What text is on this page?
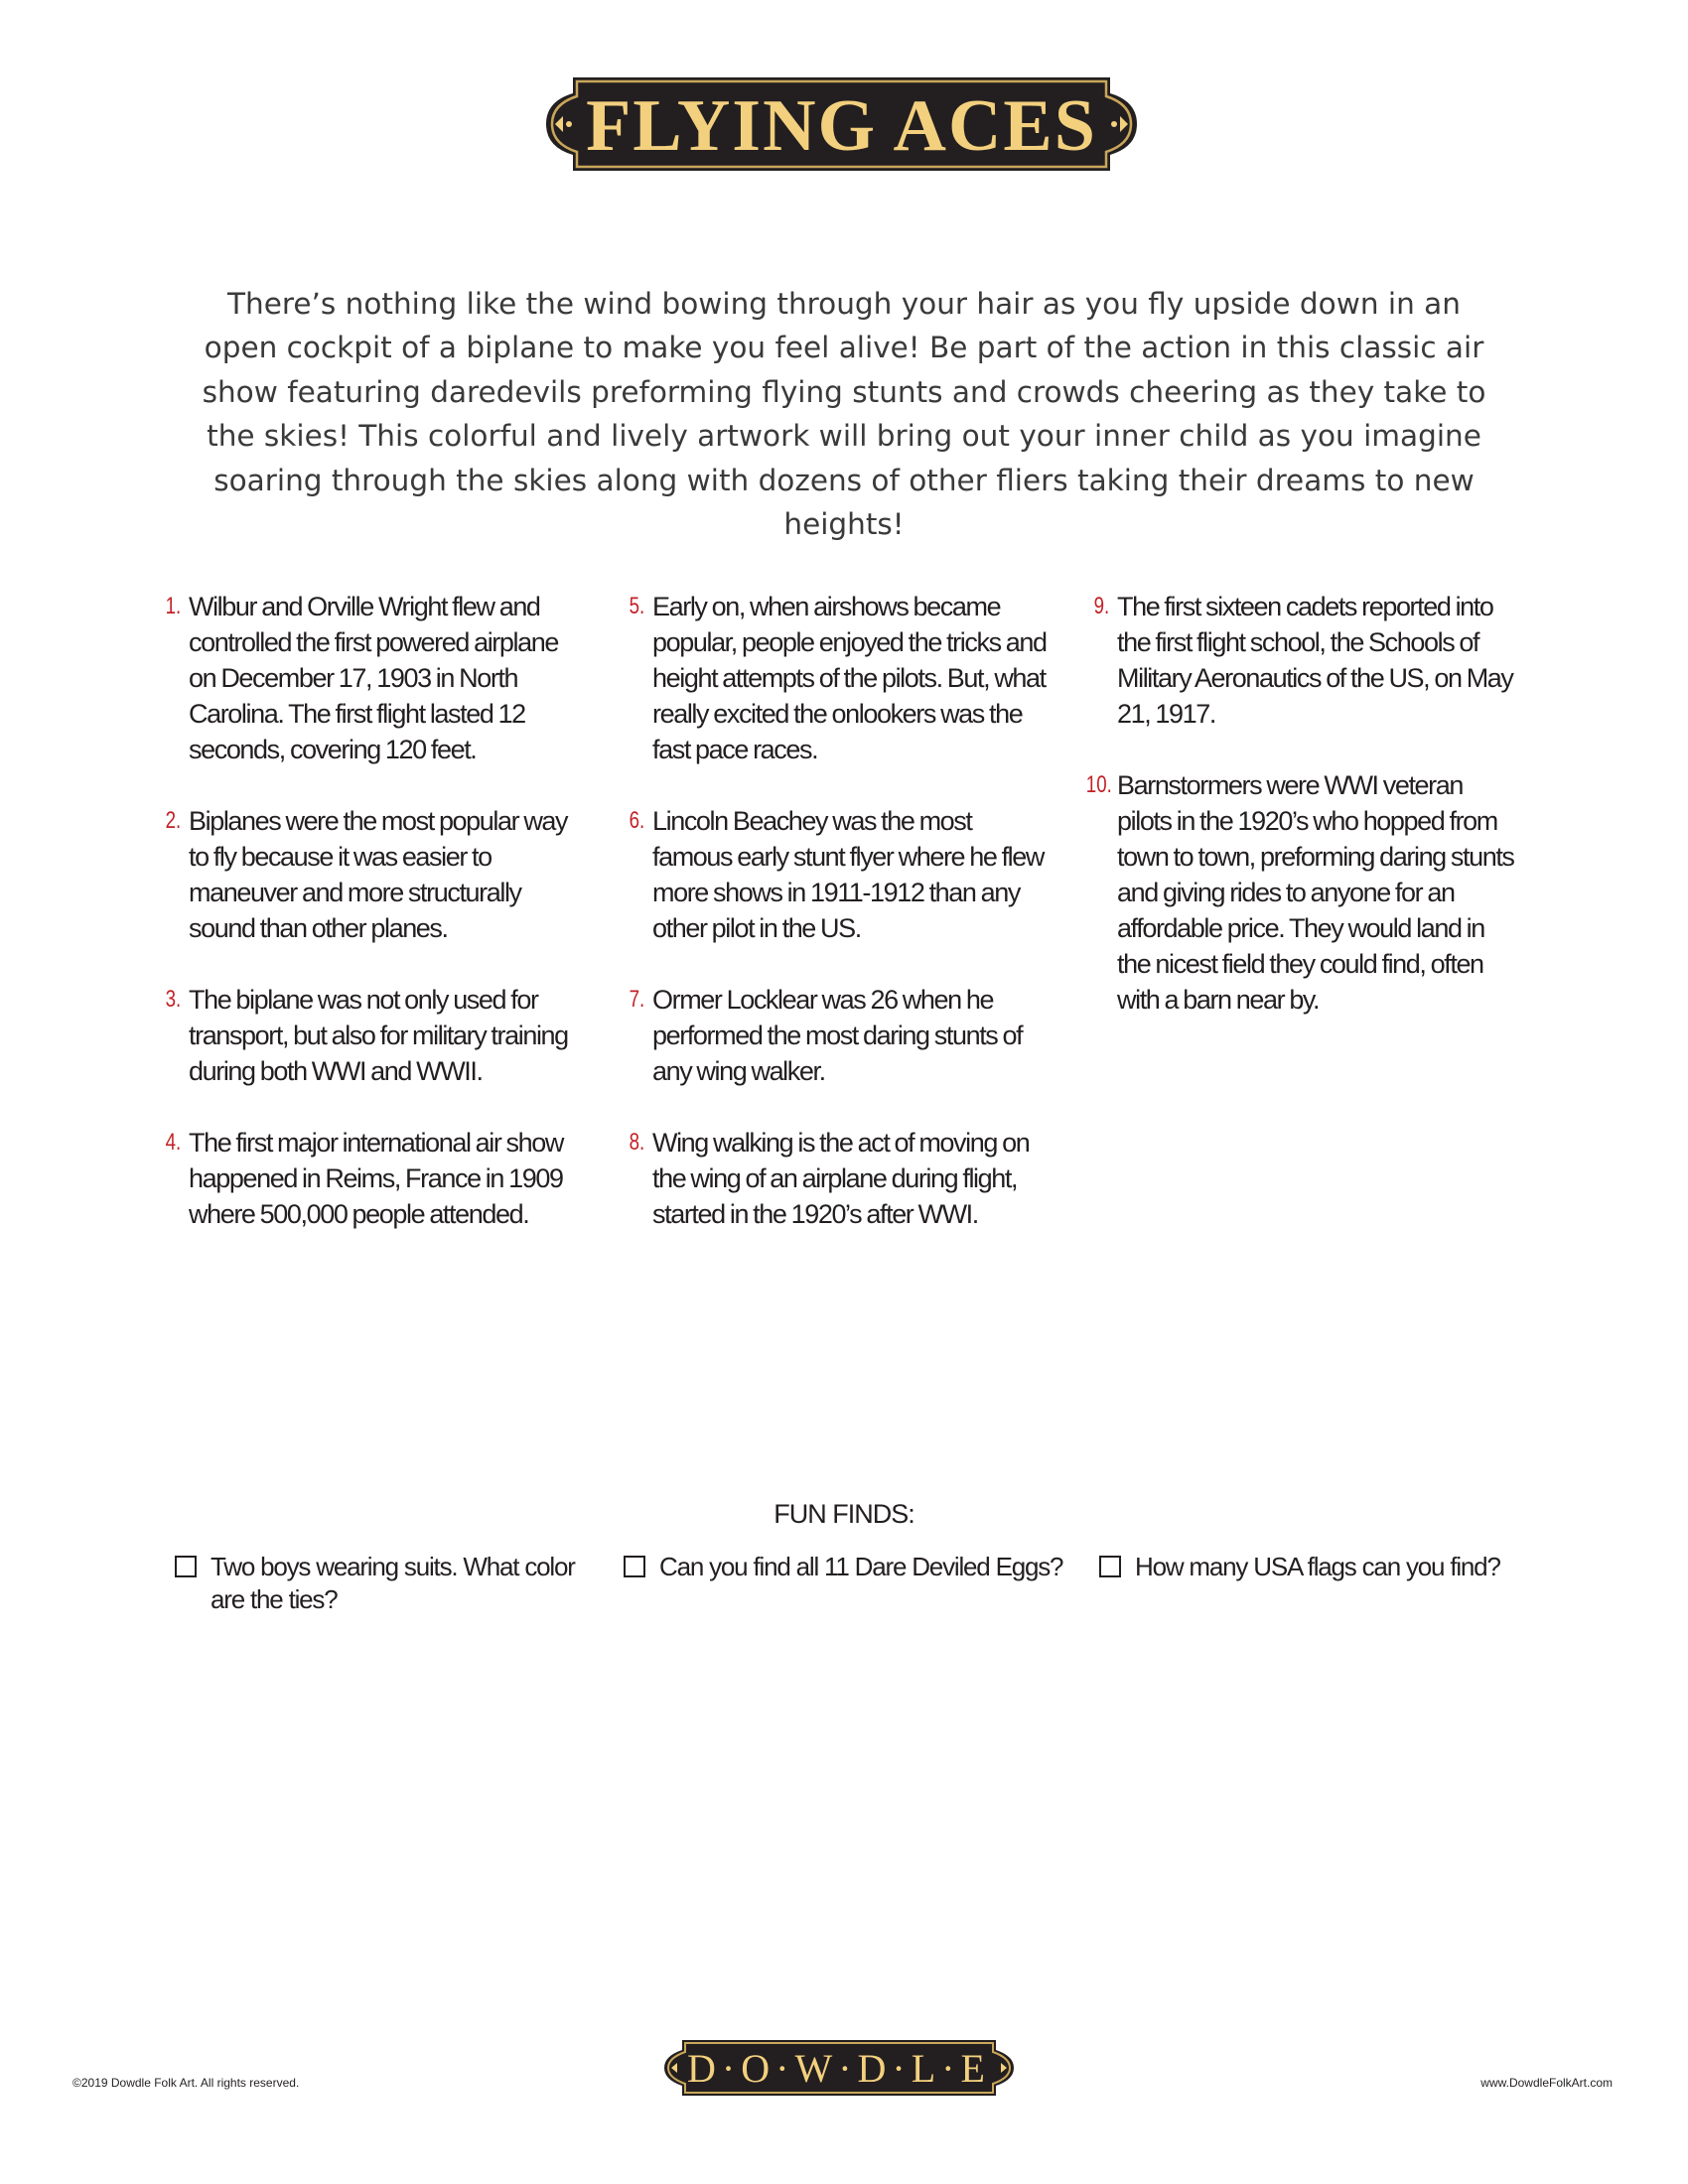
FLYING ACES

There’s nothing like the wind bowing through your hair as you fly upside down in an open cockpit of a biplane to make you feel alive! Be part of the action in this classic air show featuring daredevils preforming flying stunts and crowds cheering as they take to the skies! This colorful and lively artwork will bring out your inner child as you imagine soaring through the skies along with dozens of other fliers taking their dreams to new heights!

1. Wilbur and Orville Wright flew and controlled the first powered airplane on December 17, 1903 in North Carolina. The first flight lasted 12 seconds, covering 120 feet.
2. Biplanes were the most popular way to fly because it was easier to maneuver and more structurally sound than other planes.
3. The biplane was not only used for transport, but also for military training during both WWI and WWII.
4. The first major international air show happened in Reims, France in 1909 where 500,000 people attended.
5. Early on, when airshows became popular, people enjoyed the tricks and height attempts of the pilots. But, what really excited the onlookers was the fast pace races.
6. Lincoln Beachey was the most famous early stunt flyer where he flew more shows in 1911-1912 than any other pilot in the US.
7. Ormer Locklear was 26 when he performed the most daring stunts of any wing walker.
8. Wing walking is the act of moving on the wing of an airplane during flight, started in the 1920’s after WWI.
9. The first sixteen cadets reported into the first flight school, the Schools of Military Aeronautics of the US, on May 21, 1917.
10. Barnstormers were WWI veteran pilots in the 1920’s who hopped from town to town, preforming daring stunts and giving rides to anyone for an affordable price. They would land in the nicest field they could find, often with a barn near by.
FUN FINDS:
Two boys wearing suits. What color are the ties?
Can you find all 11 Dare Deviled Eggs?	How many USA flags can you find?
©2019 Dowdle Folk Art. All rights reserved.	D·O·W·D·L·E	www.DowdleFolkArt.com
